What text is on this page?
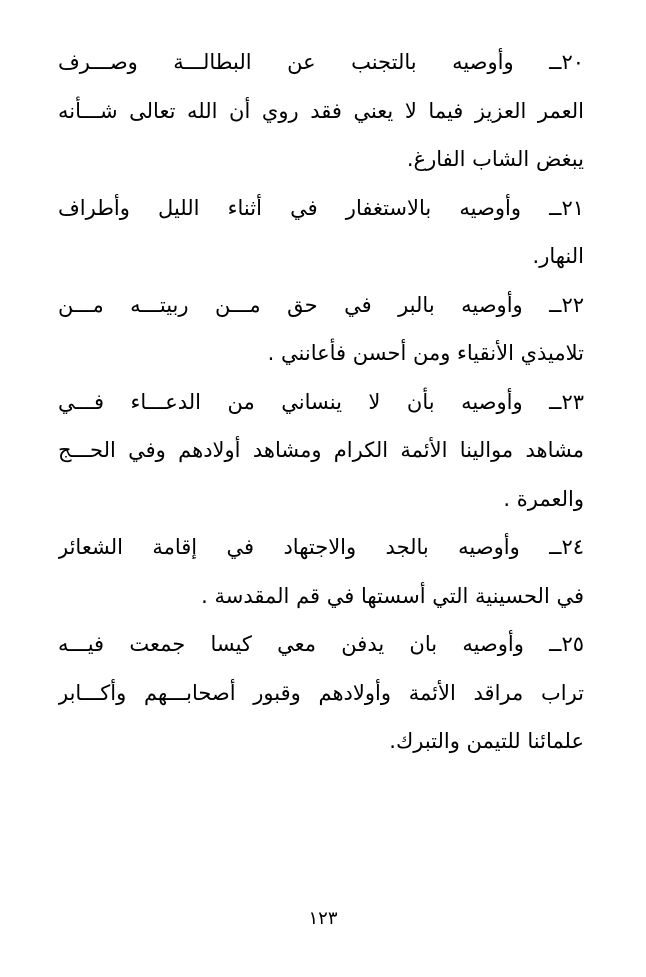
٢٠ــ وأوصيه بالتجنب عن البطالـــة وصـــرف
العمر العزيز فيما لا يعني فقد روي أن الله تعالى شـــأنه
يبغض الشاب الفارغ.
٢١ــ وأوصيه بالاستغفار في أثناء الليل وأطراف
النهار.
٢٢ــ وأوصيه بالبر في حق مـــن ربيتـــه مـــن
تلاميذي الأنقياء ومن أحسن فأعانني .
٢٣ــ وأوصيه بأن لا ينساني من الدعـــاء فـــي
مشاهد موالينا الأئمة الكرام ومشاهد أولادهم وفي الحـــج
والعمرة .
٢٤ــ وأوصيه بالجد والاجتهاد في إقامة الشعائر
في الحسينية التي أسستها في قم المقدسة .
٢٥ــ وأوصيه بان يدفن معي كيسا جمعت فيـــه
تراب مراقد الأئمة وأولادهم وقبور أصحابـــهم وأكـــابر
علمائنا للتيمن والتبرك.
١٢٣
